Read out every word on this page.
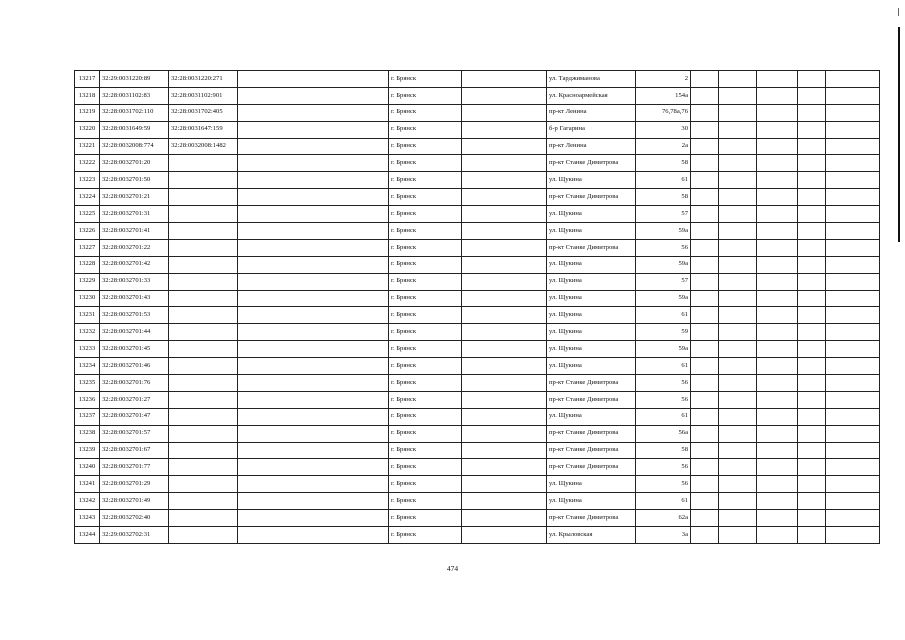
13217	32:29:0031220:89	32:28:0031220:271		г. Брянск		ул. Тарджиманова	2					
13218	32:28:0031102:83	32:28:0031102:901		г. Брянск		ул. Красноармейская	154а					
13219	32:28:0031702:110	32:28:0031702:405		г. Брянск		пр-кт Ленина	76,78а,76					
13220	32:28:0031649:59	32:28:0031647:159		г. Брянск		б-р Гагарина	30					
13221	32:28:0032008:774	32:28:0032008:1482		г. Брянск		пр-кт Ленина	2а					
13222	32:28:0032701:20			г. Брянск		пр-кт Станке Димитрова	58					
13223	32:28:0032701:50			г. Брянск		ул. Щукина	61					
13224	32:28:0032701:21			г. Брянск		пр-кт Станке Димитрова	58					
13225	32:28:0032701:31			г. Брянск		ул. Щукина	57					
13226	32:28:0032701:41			г. Брянск		ул. Щукина	59а					
13227	32:28:0032701:22			г. Брянск		пр-кт Станке Димитрова	56					
13228	32:28:0032701:42			г. Брянск		ул. Щукина	59а					
13229	32:28:0032701:33			г. Брянск		ул. Щукина	57					
13230	32:28:0032701:43			г. Брянск		ул. Щукина	59а					
13231	32:28:0032701:53			г. Брянск		ул. Щукина	61					
13232	32:28:0032701:44			г. Брянск		ул. Щукина	59					
13233	32:28:0032701:45			г. Брянск		ул. Щукина	59а					
13234	32:28:0032701:46			г. Брянск		ул. Щукина	61					
13235	32:28:0032701:76			г. Брянск		пр-кт Станке Димитрова	56					
13236	32:28:0032701:27			г. Брянск		пр-кт Станке Димитрова	56					
13237	32:28:0032701:47			г. Брянск		ул. Щукина	61					
13238	32:28:0032701:57			г. Брянск		пр-кт Станке Димитрова	56а					
13239	32:28:0032701:67			г. Брянск		пр-кт Станке Димитрова	58					
13240	32:28:0032701:77			г. Брянск		пр-кт Станке Димитрова	56					
13241	32:28:0032701:29			г. Брянск		ул. Щукина	56					
13242	32:28:0032701:49			г. Брянск		ул. Щукина	61					
13243	32:28:0032702:40			г. Брянск		пр-кт Станке Димитрова	62а					
13244	32:29:0032702:31			г. Брянск		ул. Крыловская	3а					
474
